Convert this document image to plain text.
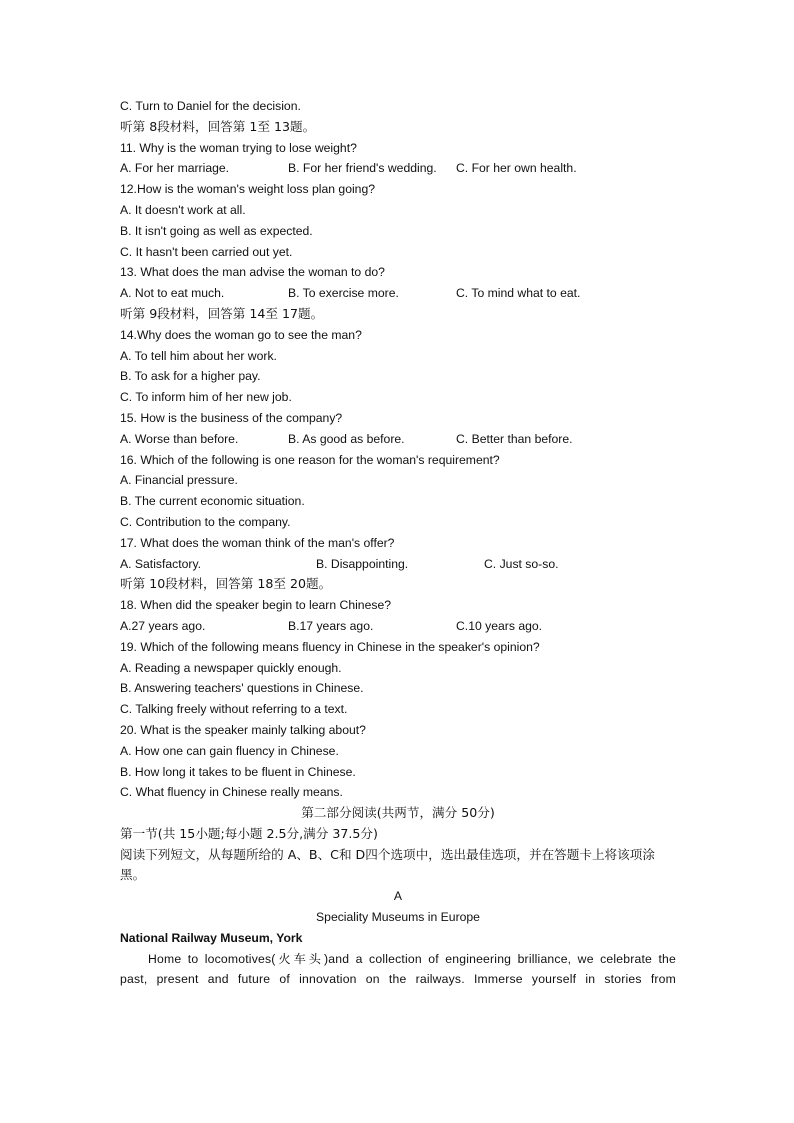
C. Turn to Daniel for the decision.
听第 8段材料，回答第 1至 13题。
11. Why is the woman trying to lose weight?
A. For her marriage.	B. For her friend's wedding. C. For her own health.
12.How is the woman's weight loss plan going?
A. It doesn't work at all.
B. It isn't going as well as expected.
C. It hasn't been carried out yet.
13. What does the man advise the woman to do?
A. Not to eat much.	B. To exercise more.	C. To mind what to eat.
听第 9段材料，回答第 14至 17题。
14.Why does the woman go to see the man?
A. To tell him about her work.
B. To ask for a higher pay.
C. To inform him of her new job.
15. How is the business of the company?
A. Worse than before.	B. As good as before.	C. Better than before.
16. Which of the following is one reason for the woman's requirement?
A. Financial pressure.
B. The current economic situation.
C. Contribution to the company.
17. What does the woman think of the man's offer?
A. Satisfactory.	B. Disappointing.	C. Just so-so.
听第 10段材料，回答第 18至 20题。
18. When did the speaker begin to learn Chinese?
A.27 years ago.	B.17 years ago.	C.10 years ago.
19. Which of the following means fluency in Chinese in the speaker's opinion?
A. Reading a newspaper quickly enough.
B. Answering teachers' questions in Chinese.
C. Talking freely without referring to a text.
20. What is the speaker mainly talking about?
A. How one can gain fluency in Chinese.
B. How long it takes to be fluent in Chinese.
C. What fluency in Chinese really means.
第二部分阅读(共两节，满分 50分)
第一节(共 15小题;每小题 2.5分,满分 37.5分)
阅读下列短文，从每题所给的 A、B、C和 D四个选项中，选出最佳选项，并在答题卡上将该项涂黑。
A
Speciality Museums in Europe
National Railway Museum, York
Home to locomotives(火车头)and a collection of engineering brilliance, we celebrate the
past, present and future of innovation on the railways. Immerse yourself in stories from
